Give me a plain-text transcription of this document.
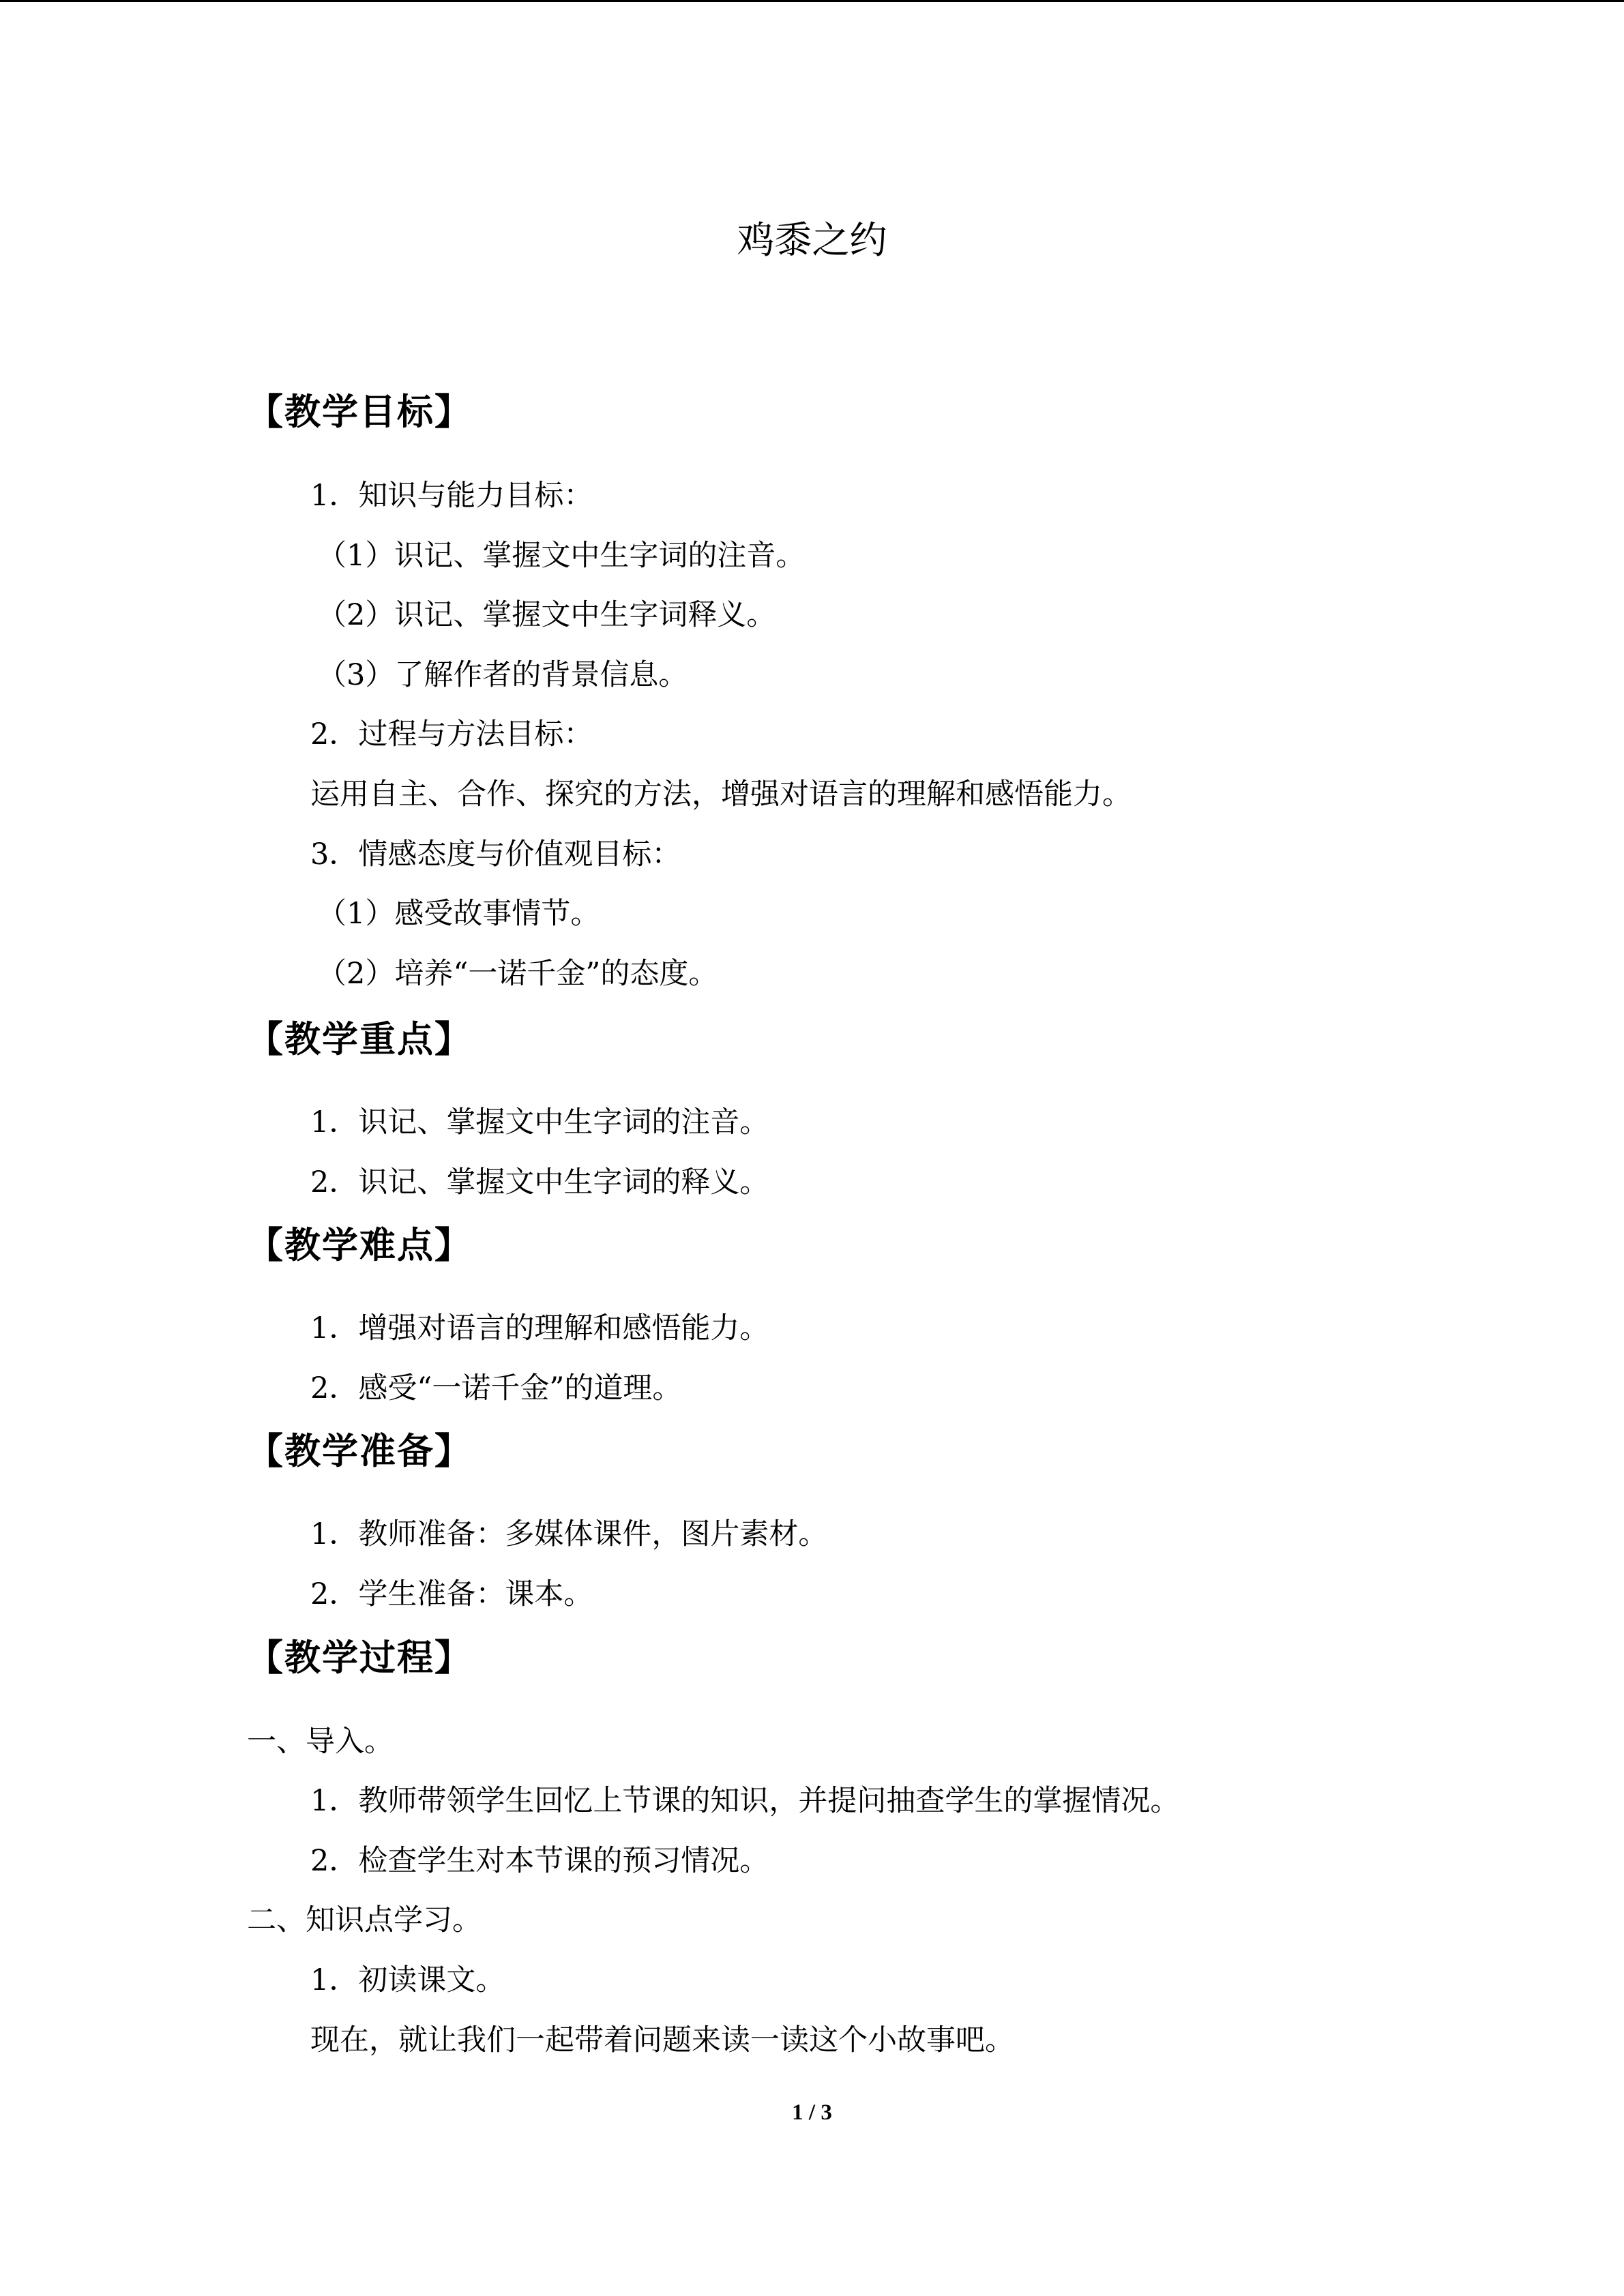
鸡黍之约
【教学目标】
1．知识与能力目标：
（1）识记、掌握文中生字词的注音。
（2）识记、掌握文中生字词释义。
（3）了解作者的背景信息。
2．过程与方法目标：
运用自主、合作、探究的方法，增强对语言的理解和感悟能力。
3．情感态度与价值观目标：
（1）感受故事情节。
（2）培养“一诺千金”的态度。
【教学重点】
1．识记、掌握文中生字词的注音。
2．识记、掌握文中生字词的释义。
【教学难点】
1．增强对语言的理解和感悟能力。
2．感受“一诺千金”的道理。
【教学准备】
1．教师准备：多媒体课件，图片素材。
2．学生准备：课本。
【教学过程】
一、导入。
1．教师带领学生回忆上节课的知识，并提问抽查学生的掌握情况。
2．检查学生对本节课的预习情况。
二、知识点学习。
1．初读课文。
现在，就让我们一起带着问题来读一读这个小故事吧。
1 / 3
